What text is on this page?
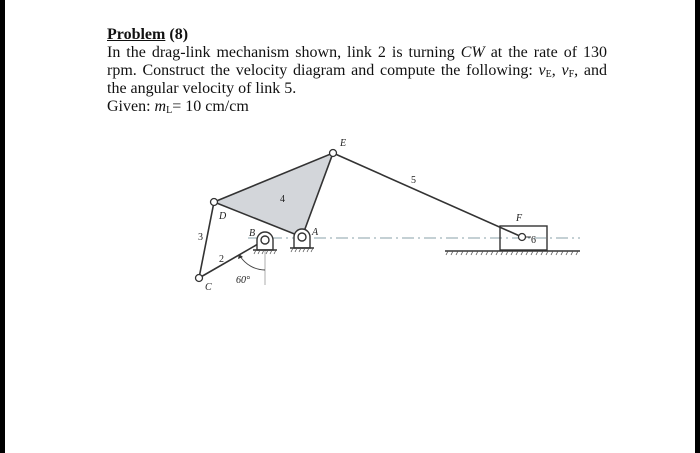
Problem (8)
In the drag-link mechanism shown, link 2 is turning CW at the rate of 130
rpm. Construct the velocity diagram and compute the following: $v_E$, $v_F$, and
the angular velocity of link 5.
Given: $m_L= 10$ cm/cm
E
D
B	A
C
F
4
5
3
2
6
60°
